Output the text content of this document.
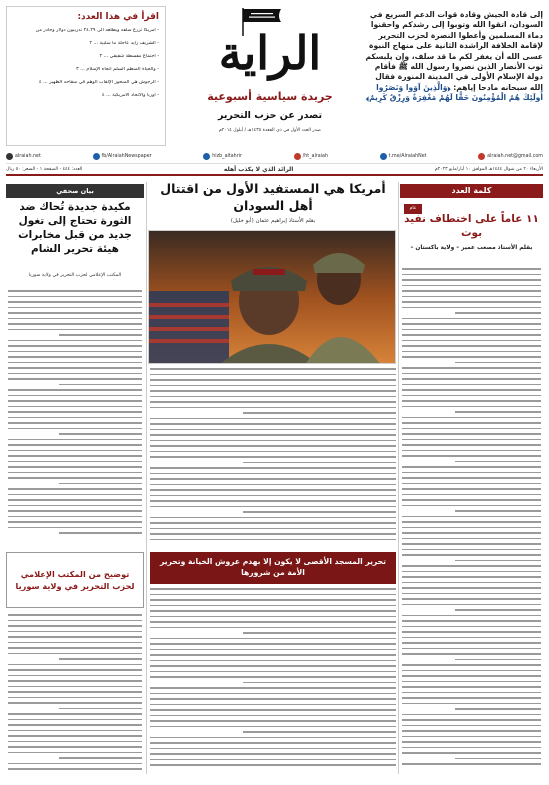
اقرأ في هذا العدد:
- أمريكا تزرع سلفه ويطلعه الى ٢٤.٢٩ تدريبون دولار وجادر من
- الشريف زايد عاجلة ما سلبية ... ٢
- اجتماع مفسطة شقيقي ... ٢
- والحياة المنظم السلم اتجاه الإسلام ... ٣
- الرجوش هي المنحور الإلقاب الوهم في سقاحه الظهير ... ٤
- اوربا والاتحاد الأمريكية ... ٤
الراية
جريدة سياسية أسبوعية
تصدر عن حزب التحرير
صدر العدد الأول في ذي القعدة ١٤٣٥هـ / أيلول ٢٠١٤م
إلى قادة الجيش وقادة قوات الدعم السريع في السودان، اتقوا الله وتوبوا إلى رشدكم واحقنوا دماء المسلمين وأعطوا النصرة لحزب التحرير لإقامة الخلافة الراشدة الثانية على منهاج النبوة عسى الله أن يغفر لكم ما قد سلف، وإن يلبسكم ثوب الأنصار الذين نصروا رسول الله ﷺ فأقام دولة الإسلام الأولى في المدينة المنورة فقال الله سبحانه مادحا إياهم: ﴿وَالَّذِينَ آوَوا وَنَصَرُوا أُولَئِكَ هُمُ الْمُؤْمِنُونَ حَقًّا لَهُمْ مَغْفِرَةٌ وَرِزْقٌ كَرِيمٌ﴾
alraiah.net	fb/AlraiahNewspaper	hizb_altahrir	/ht_alraiah	t.me/AlraiahNet	alraiah.net@gmail.com
الأربعاء ٢٠ من شوال ١٤٤٤هـ الموافق ١٠ أيار/مايو ٢٠٢٣م
الرائد الذي لا يكذب أهله
العدد: ٤٤٤ - الصفحة ١ - السعر: ٥٠ ريال
كلمة العدد
عام
١١ عاماً على اختطاف نفيد بوت
بقلم الأستاذ مصعب عمير – ولاية باكستان –
أمريكا هي المستفيد الأول من اقتتال أهل السودان
بقلم الأستاذ إبراهيم عثمان (أبو خليل)
تحرير المسجد الأقصى لا يكون إلا بهدم عروش الخيانة وتحرير الأمة من شرورها
بيان صحفي
مكيدة جديدة تُحاك ضد الثورة تحتاج إلى تغول جديد من قبل مخابرات هيئة تحرير الشام
المكتب الإعلامي لحزب التحرير في ولاية سوريا
توضيح من المكتب الإعلامي لحزب التحرير في ولاية سوريا
